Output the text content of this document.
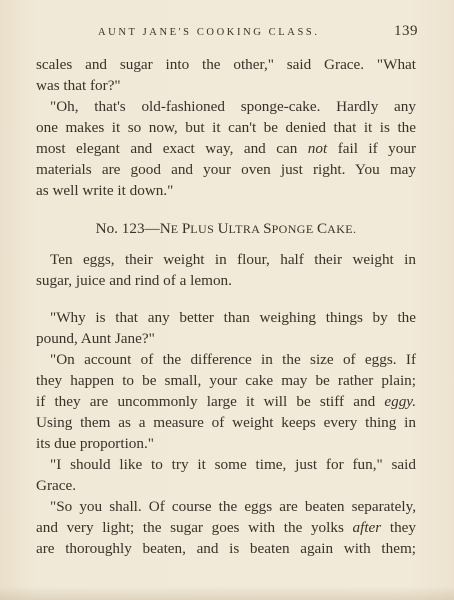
AUNT JANE'S COOKING CLASS.	139
scales and sugar into the other," said Grace. "What
was that for?"
"Oh, that's old-fashioned sponge-cake. Hardly any
one makes it so now, but it can't be denied that it is the
most elegant and exact way, and can not fail if your
materials are good and your oven just right. You may
as well write it down."
No. 123—NE PLUS ULTRA SPONGE CAKE.
Ten eggs, their weight in flour, half their weight in
sugar, juice and rind of a lemon.
"Why is that any better than weighing things by the
pound, Aunt Jane?"
"On account of the difference in the size of eggs. If
they happen to be small, your cake may be rather plain;
if they are uncommonly large it will be stiff and eggy.
Using them as a measure of weight keeps every thing in
its due proportion."
"I should like to try it some time, just for fun," said
Grace.
"So you shall. Of course the eggs are beaten separately,
and very light; the sugar goes with the yolks after they
are thoroughly beaten, and is beaten again with them;
